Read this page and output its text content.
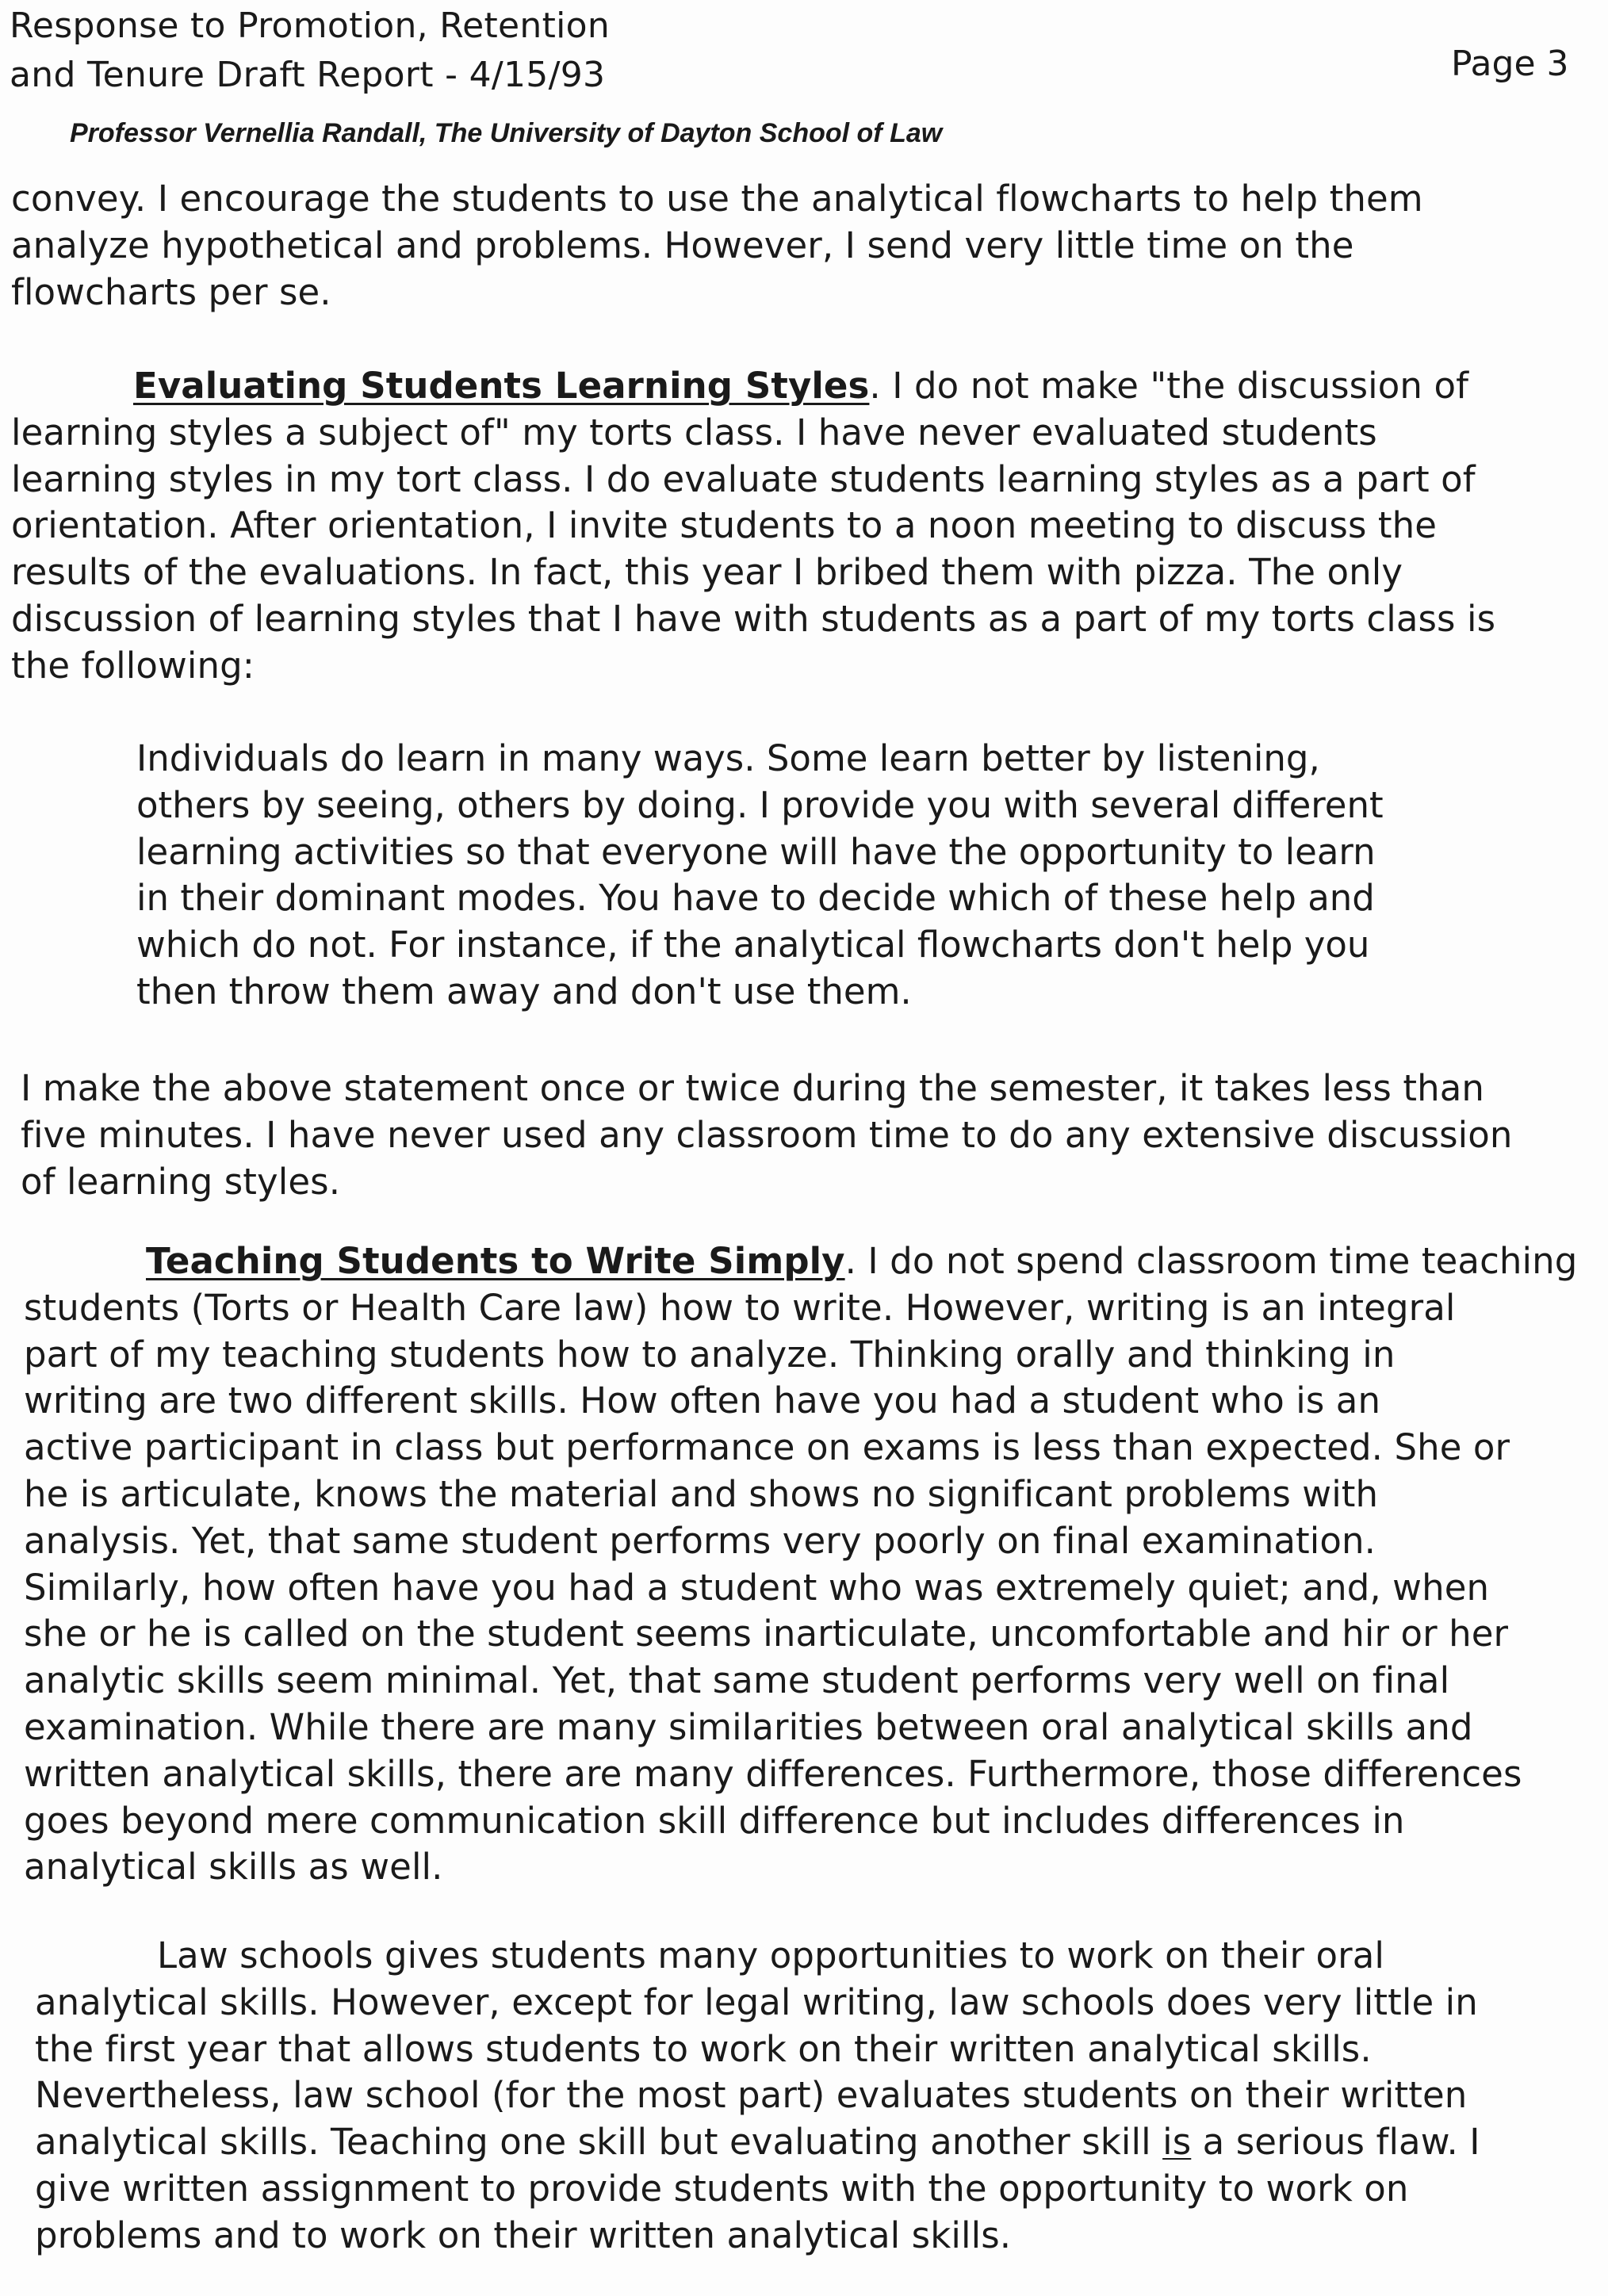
Response to Promotion, Retention
and Tenure Draft Report - 4/15/93	Page 3
Professor Vernellia Randall, The University of Dayton School of Law
convey. I encourage the students to use the analytical flowcharts to help them
analyze hypothetical and problems. However, I send very little time on the
flowcharts per se.
Evaluating Students Learning Styles. I do not make "the discussion of
learning styles a subject of" my torts class. I have never evaluated students
learning styles in my tort class. I do evaluate students learning styles as a part of
orientation. After orientation, I invite students to a noon meeting to discuss the
results of the evaluations. In fact, this year I bribed them with pizza. The only
discussion of learning styles that I have with students as a part of my torts class is
the following:
Individuals do learn in many ways. Some learn better by listening,
others by seeing, others by doing. I provide you with several different
learning activities so that everyone will have the opportunity to learn
in their dominant modes. You have to decide which of these help and
which do not. For instance, if the analytical flowcharts don't help you
then throw them away and don't use them.
I make the above statement once or twice during the semester, it takes less than
five minutes. I have never used any classroom time to do any extensive discussion
of learning styles.
Teaching Students to Write Simply. I do not spend classroom time teaching
students (Torts or Health Care law) how to write. However, writing is an integral
part of my teaching students how to analyze. Thinking orally and thinking in
writing are two different skills. How often have you had a student who is an
active participant in class but performance on exams is less than expected. She or
he is articulate, knows the material and shows no significant problems with
analysis. Yet, that same student performs very poorly on final examination.
Similarly, how often have you had a student who was extremely quiet; and, when
she or he is called on the student seems inarticulate, uncomfortable and hir or her
analytic skills seem minimal. Yet, that same student performs very well on final
examination. While there are many similarities between oral analytical skills and
written analytical skills, there are many differences. Furthermore, those differences
goes beyond mere communication skill difference but includes differences in
analytical skills as well.
Law schools gives students many opportunities to work on their oral
analytical skills. However, except for legal writing, law schools does very little in
the first year that allows students to work on their written analytical skills.
Nevertheless, law school (for the most part) evaluates students on their written
analytical skills. Teaching one skill but evaluating another skill is a serious flaw. I
give written assignment to provide students with the opportunity to work on
problems and to work on their written analytical skills.
